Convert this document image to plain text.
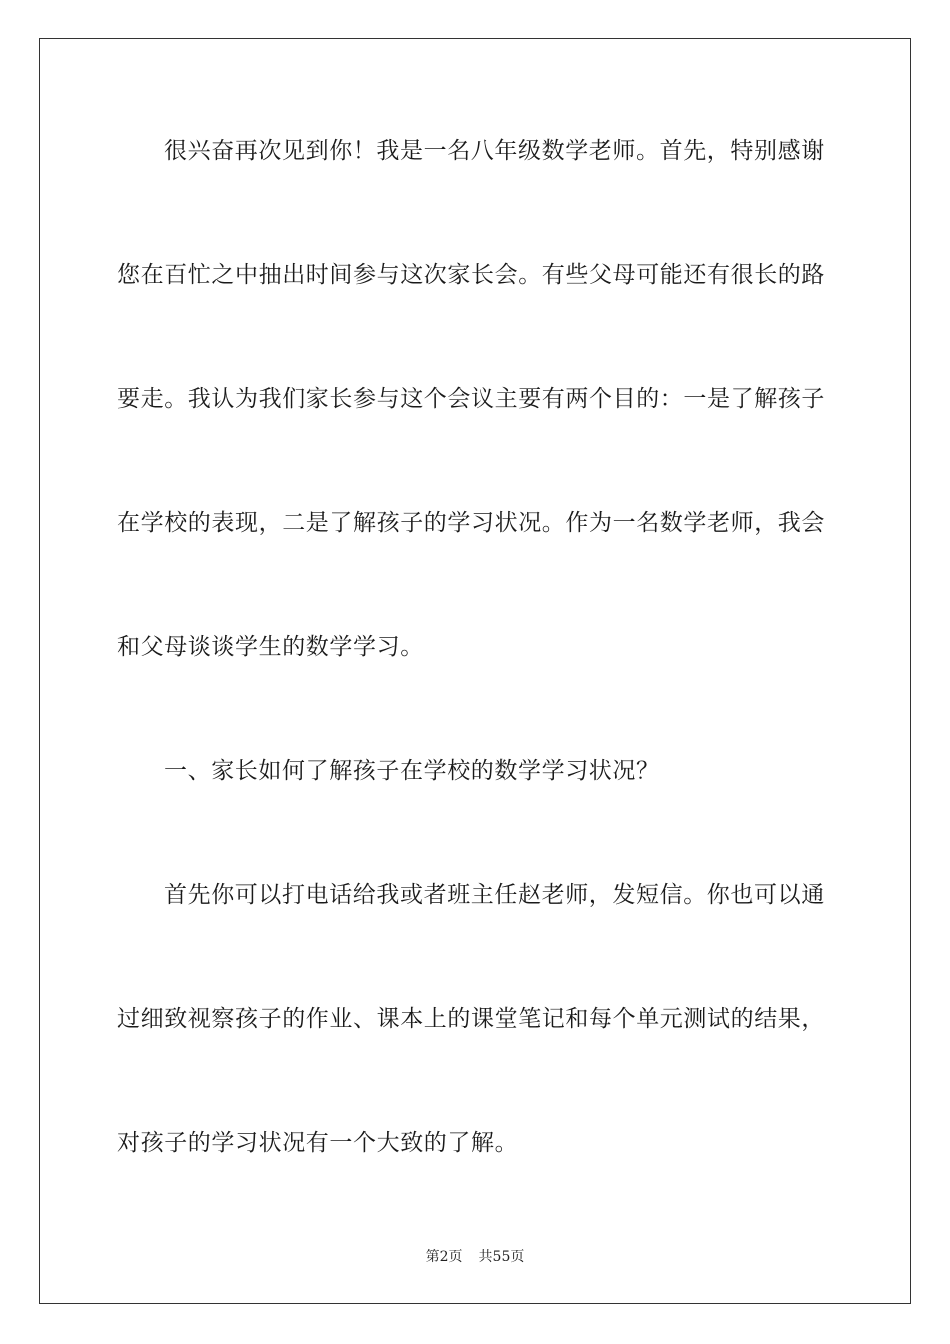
很兴奋再次见到你！我是一名八年级数学老师。首先，特别感谢
您在百忙之中抽出时间参与这次家长会。有些父母可能还有很长的路
要走。我认为我们家长参与这个会议主要有两个目的：一是了解孩子
在学校的表现，二是了解孩子的学习状况。作为一名数学老师，我会
和父母谈谈学生的数学学习。
一、家长如何了解孩子在学校的数学学习状况？
首先你可以打电话给我或者班主任赵老师，发短信。你也可以通
过细致视察孩子的作业、课本上的课堂笔记和每个单元测试的结果，
对孩子的学习状况有一个大致的了解。
第2页 共55页
